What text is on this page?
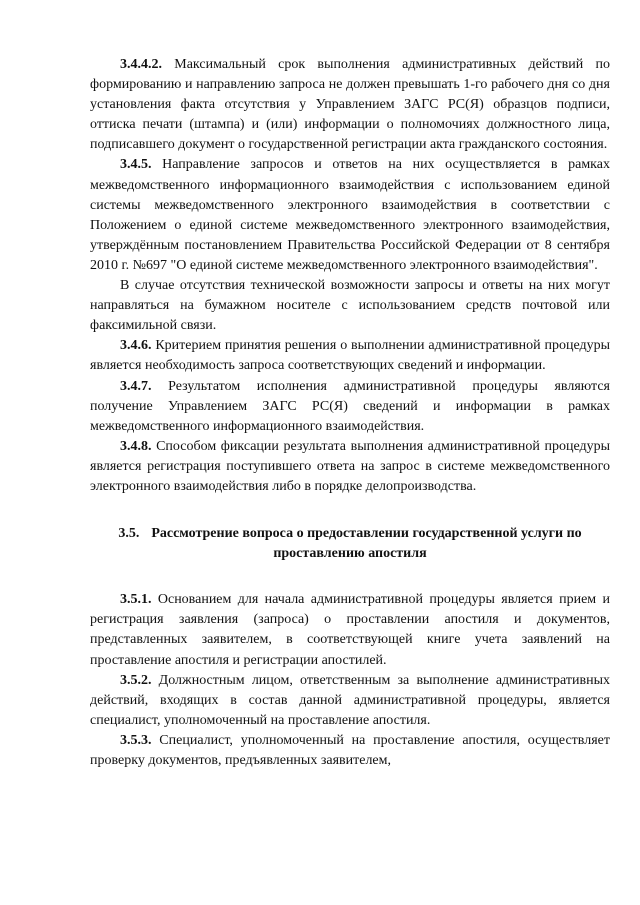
3.4.4.2. Максимальный срок выполнения административных действий по формированию и направлению запроса не должен превышать 1-го рабочего дня со дня установления факта отсутствия у Управлением ЗАГС РС(Я) образцов подписи, оттиска печати (штампа) и (или) информации о полномочиях должностного лица, подписавшего документ о государственной регистрации акта гражданского состояния.

3.4.5. Направление запросов и ответов на них осуществляется в рамках межведомственного информационного взаимодействия с использованием единой системы межведомственного электронного взаимодействия в соответствии с Положением о единой системе межведомственного электронного взаимодействия, утверждённым постановлением Правительства Российской Федерации от 8 сентября 2010 г. №697 "О единой системе межведомственного электронного взаимодействия".

В случае отсутствия технической возможности запросы и ответы на них могут направляться на бумажном носителе с использованием средств почтовой или факсимильной связи.

3.4.6. Критерием принятия решения о выполнении административной процедуры является необходимость запроса соответствующих сведений и информации.

3.4.7. Результатом исполнения административной процедуры являются получение Управлением ЗАГС РС(Я) сведений и информации в рамках межведомственного информационного взаимодействия.

3.4.8. Способом фиксации результата выполнения административной процедуры является регистрация поступившего ответа на запрос в системе межведомственного электронного взаимодействия либо в порядке делопроизводства.

3.5. Рассмотрение вопроса о предоставлении государственной услуги по проставлению апостиля

3.5.1. Основанием для начала административной процедуры является прием и регистрация заявления (запроса) о проставлении апостиля и документов, представленных заявителем, в соответствующей книге учета заявлений на проставление апостиля и регистрации апостилей.

3.5.2. Должностным лицом, ответственным за выполнение административных действий, входящих в состав данной административной процедуры, является специалист, уполномоченный на проставление апостиля.

3.5.3. Специалист, уполномоченный на проставление апостиля, осуществляет проверку документов, предъявленных заявителем,
